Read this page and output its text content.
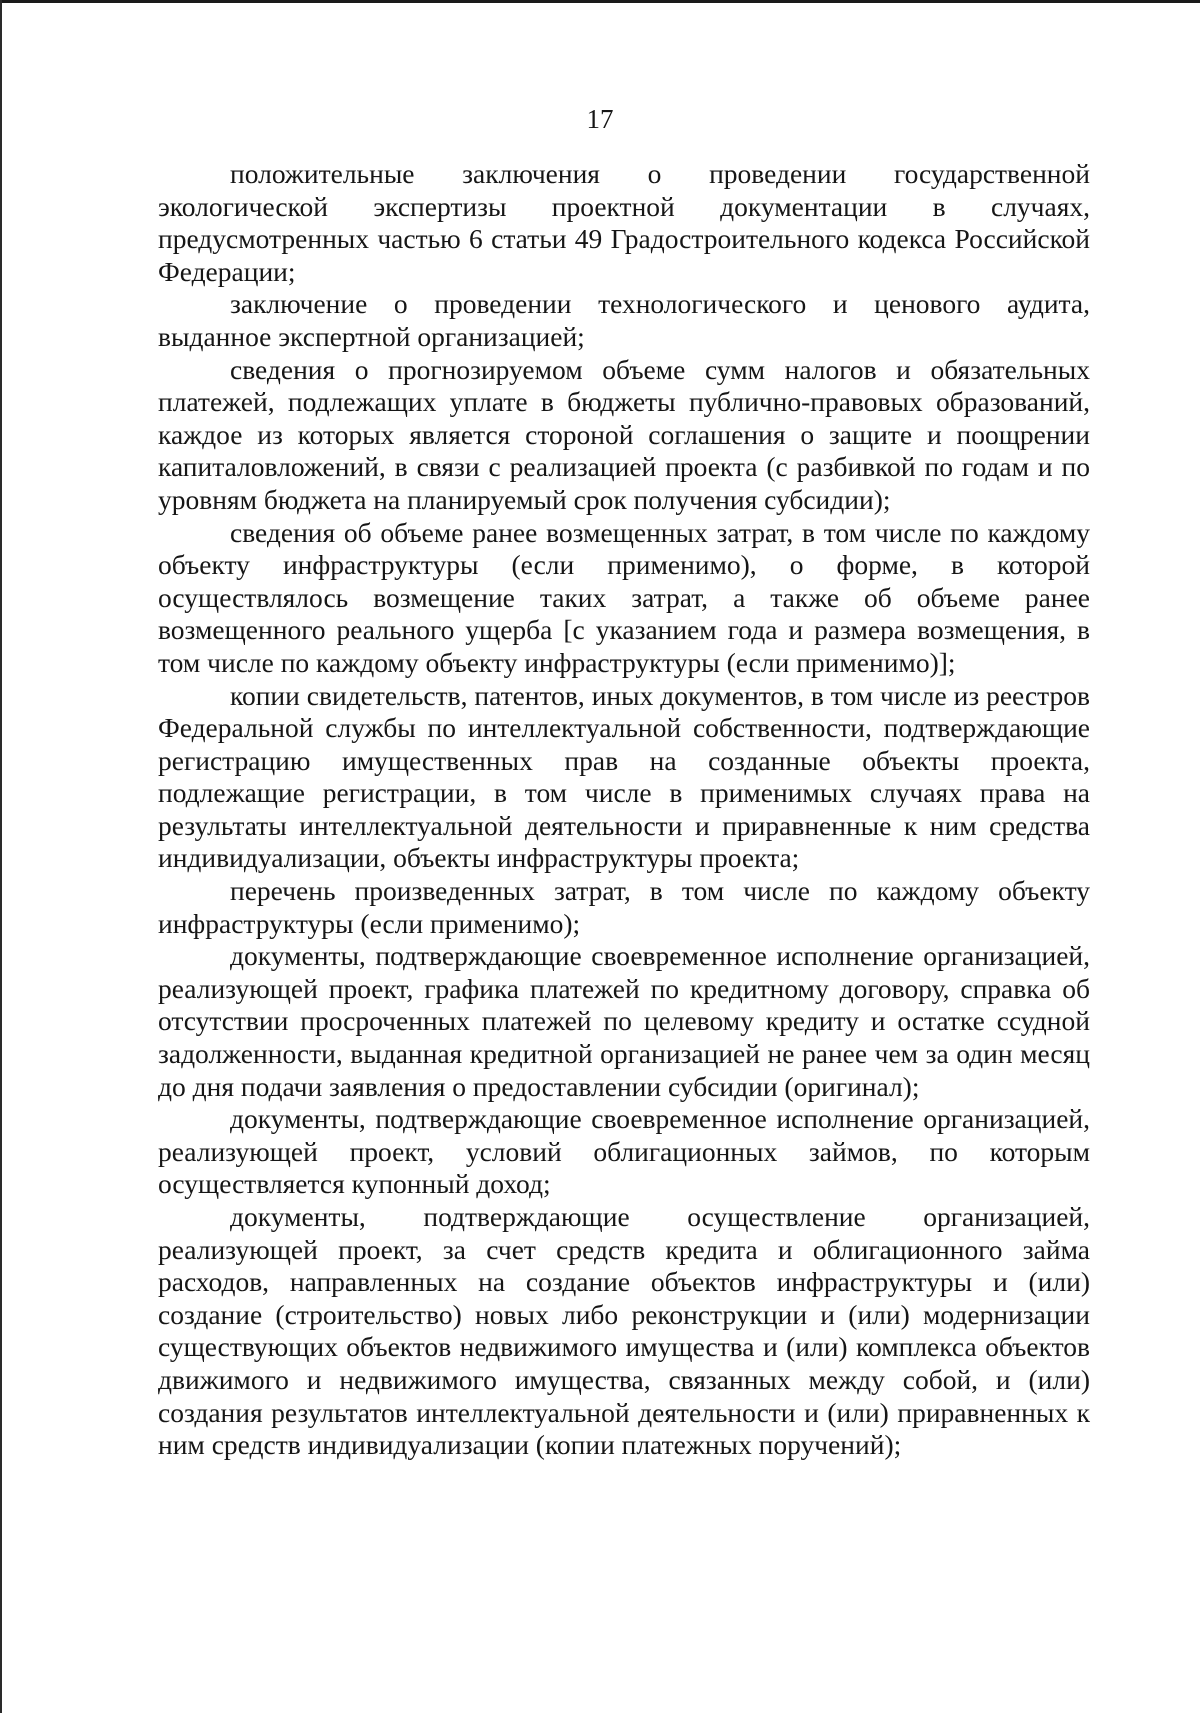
17

положительные заключения о проведении государственной экологической экспертизы проектной документации в случаях, предусмотренных частью 6 статьи 49 Градостроительного кодекса Российской Федерации;

заключение о проведении технологического и ценового аудита, выданное экспертной организацией;

сведения о прогнозируемом объеме сумм налогов и обязательных платежей, подлежащих уплате в бюджеты публично-правовых образований, каждое из которых является стороной соглашения о защите и поощрении капиталовложений, в связи с реализацией проекта (с разбивкой по годам и по уровням бюджета на планируемый срок получения субсидии);

сведения об объеме ранее возмещенных затрат, в том числе по каждому объекту инфраструктуры (если применимо), о форме, в которой осуществлялось возмещение таких затрат, а также об объеме ранее возмещенного реального ущерба [с указанием года и размера возмещения, в том числе по каждому объекту инфраструктуры (если применимо)];

копии свидетельств, патентов, иных документов, в том числе из реестров Федеральной службы по интеллектуальной собственности, подтверждающие регистрацию имущественных прав на созданные объекты проекта, подлежащие регистрации, в том числе в применимых случаях права на результаты интеллектуальной деятельности и приравненные к ним средства индивидуализации, объекты инфраструктуры проекта;

перечень произведенных затрат, в том числе по каждому объекту инфраструктуры (если применимо);

документы, подтверждающие своевременное исполнение организацией, реализующей проект, графика платежей по кредитному договору, справка об отсутствии просроченных платежей по целевому кредиту и остатке ссудной задолженности, выданная кредитной организацией не ранее чем за один месяц до дня подачи заявления о предоставлении субсидии (оригинал);

документы, подтверждающие своевременное исполнение организацией, реализующей проект, условий облигационных займов, по которым осуществляется купонный доход;

документы, подтверждающие осуществление организацией, реализующей проект, за счет средств кредита и облигационного займа расходов, направленных на создание объектов инфраструктуры и (или) создание (строительство) новых либо реконструкции и (или) модернизации существующих объектов недвижимого имущества и (или) комплекса объектов движимого и недвижимого имущества, связанных между собой, и (или) создания результатов интеллектуальной деятельности и (или) приравненных к ним средств индивидуализации (копии платежных поручений);
